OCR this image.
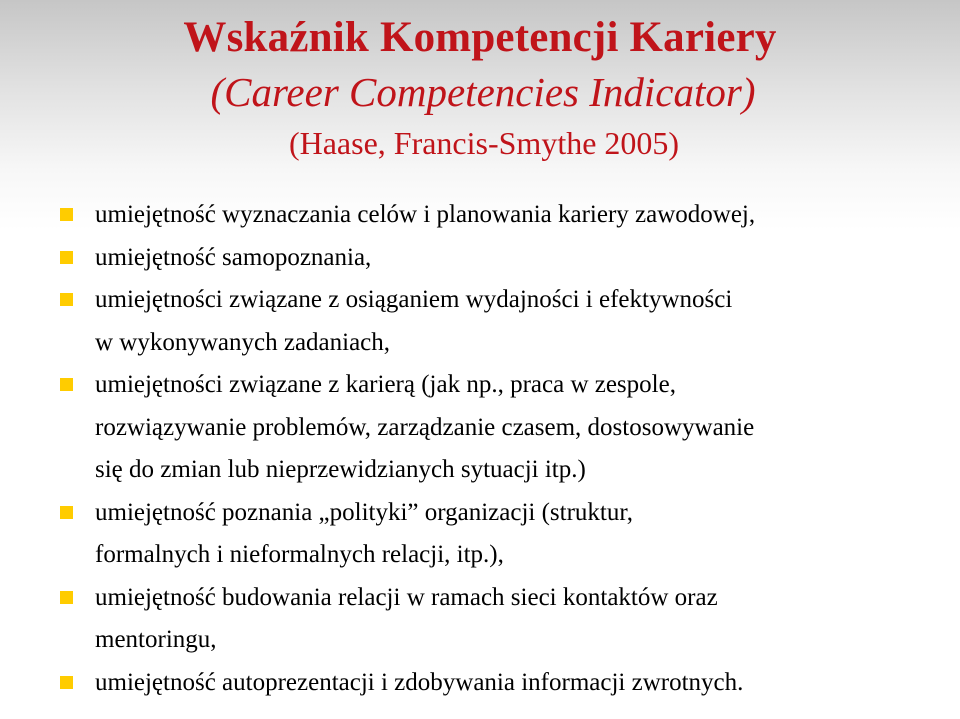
Wskaźnik Kompetencji Kariery

(Career Competencies Indicator)

(Haase, Francis-Smythe 2005)

umiejętność wyznaczania celów i planowania kariery zawodowej,
umiejętność samopoznania,
umiejętności związane z osiąganiem wydajności i efektywności
w wykonywanych zadaniach,
umiejętności związane z karierą (jak np., praca w zespole,
rozwiązywanie problemów, zarządzanie czasem, dostosowywanie
się do zmian lub nieprzewidzianych sytuacji itp.)
umiejętność poznania „polityki” organizacji (struktur,
formalnych i nieformalnych relacji, itp.),
umiejętność budowania relacji w ramach sieci kontaktów oraz
mentoringu,
umiejętność autoprezentacji i zdobywania informacji zwrotnych.
